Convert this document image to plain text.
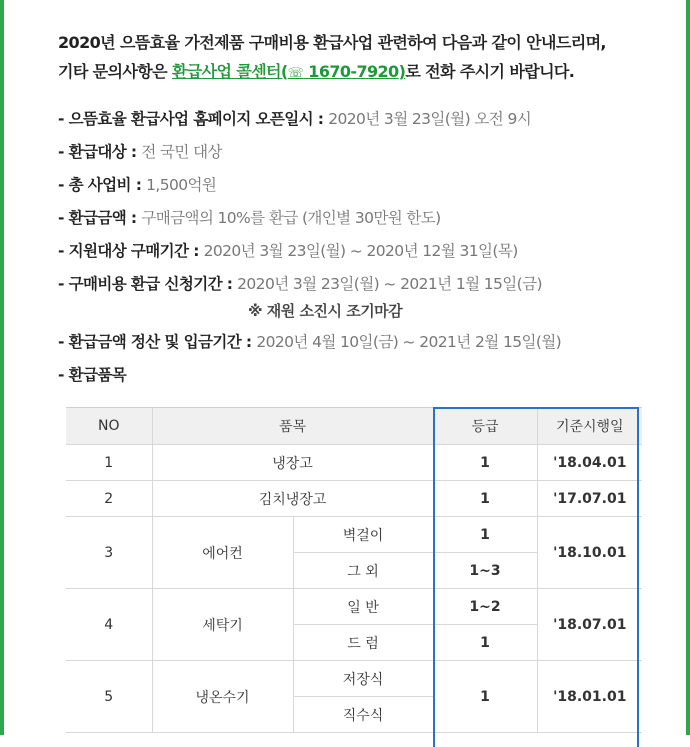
2020년 으뜸효율 가전제품 구매비용 환급사업 관련하여 다음과 같이 안내드리며,
기타 문의사항은 환급사업 콜센터(☏ 1670-7920)로 전화 주시기 바랍니다.

- 으뜸효율 환급사업 홈페이지 오픈일시 : 2020년 3월 23일(월) 오전 9시
- 환급대상 : 전 국민 대상
- 총 사업비 : 1,500억원
- 환급금액 : 구매금액의 10%를 환급 (개인별 30만원 한도)
- 지원대상 구매기간 : 2020년 3월 23일(월) ~ 2020년 12월 31일(목)
- 구매비용 환급 신청기간 : 2020년 3월 23일(월) ~ 2021년 1월 15일(금)
※ 재원 소진시 조기마감
- 환급금액 정산 및 입금기간 : 2020년 4월 10일(금) ~ 2021년 2월 15일(월)
- 환급품목
NO	품목		등급	기준시행일
1	냉장고		1	'18.04.01
2	김치냉장고		1	'17.07.01
3	에어컨	벽걸이	1	'18.10.01
		그 외	1~3	
4	세탁기	일 반	1~2	'18.07.01
		드 럼	1	
5	냉온수기	저장식	1	'18.01.01
		직수식		
